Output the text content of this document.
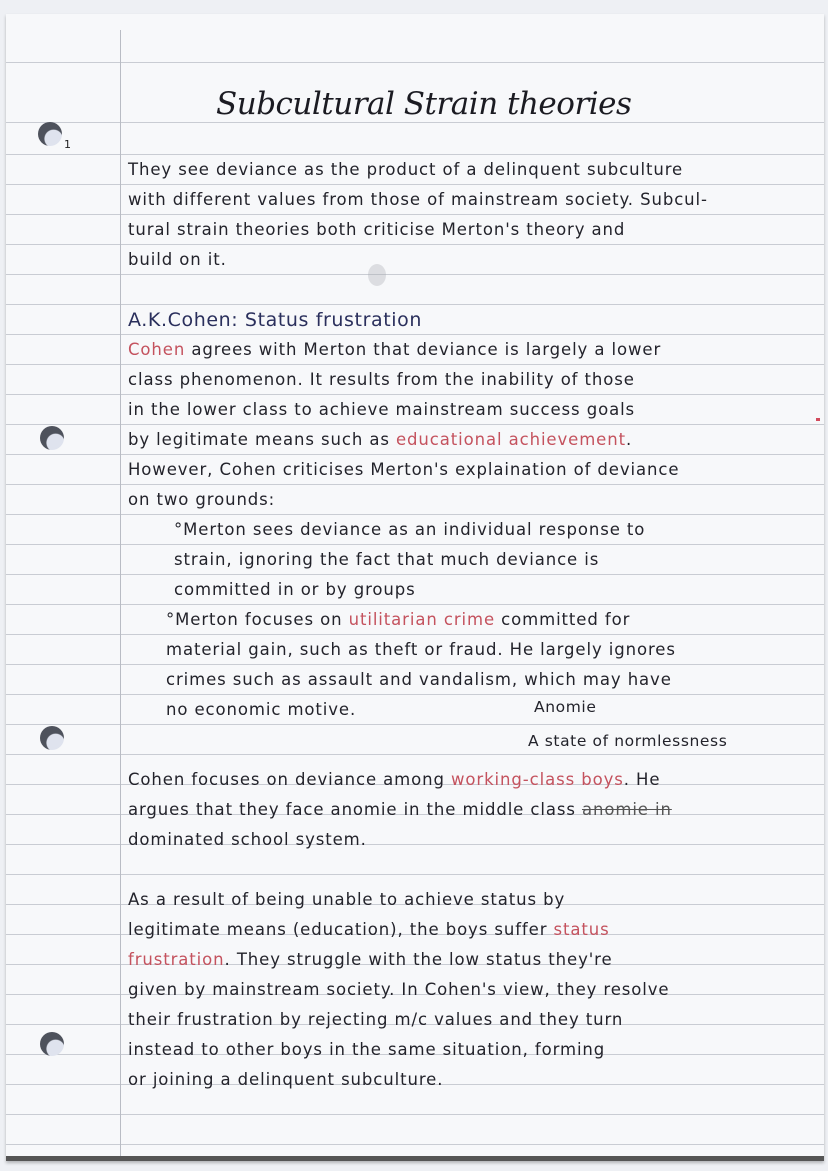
1
Subcultural Strain theories
They see deviance as the product of a delinquent subculture
with different values from those of mainstream society. Subcul-
tural strain theories both criticise Merton's theory and
build on it.
A.K.Cohen: Status frustration
Cohen agrees with Merton that deviance is largely a lower
class phenomenon. It results from the inability of those
in the lower class to achieve mainstream success goals
by legitimate means such as educational achievement.
However, Cohen criticises Merton's explaination of deviance
on two grounds:
°Merton sees deviance as an individual response to
strain, ignoring the fact that much deviance is
committed in or by groups
°Merton focuses on utilitarian crime committed for
material gain, such as theft or fraud. He largely ignores
crimes such as assault and vandalism, which may have
no economic motive.	Anomie
A state of normlessness
Cohen focuses on deviance among working-class boys. He
argues that they face anomie in the middle class anomie in
dominated school system.
As a result of being unable to achieve status by
legitimate means (education), the boys suffer status
frustration. They struggle with the low status they're
given by mainstream society. In Cohen's view, they resolve
their frustration by rejecting m/c values and they turn
instead to other boys in the same situation, forming
or joining a delinquent subculture.
